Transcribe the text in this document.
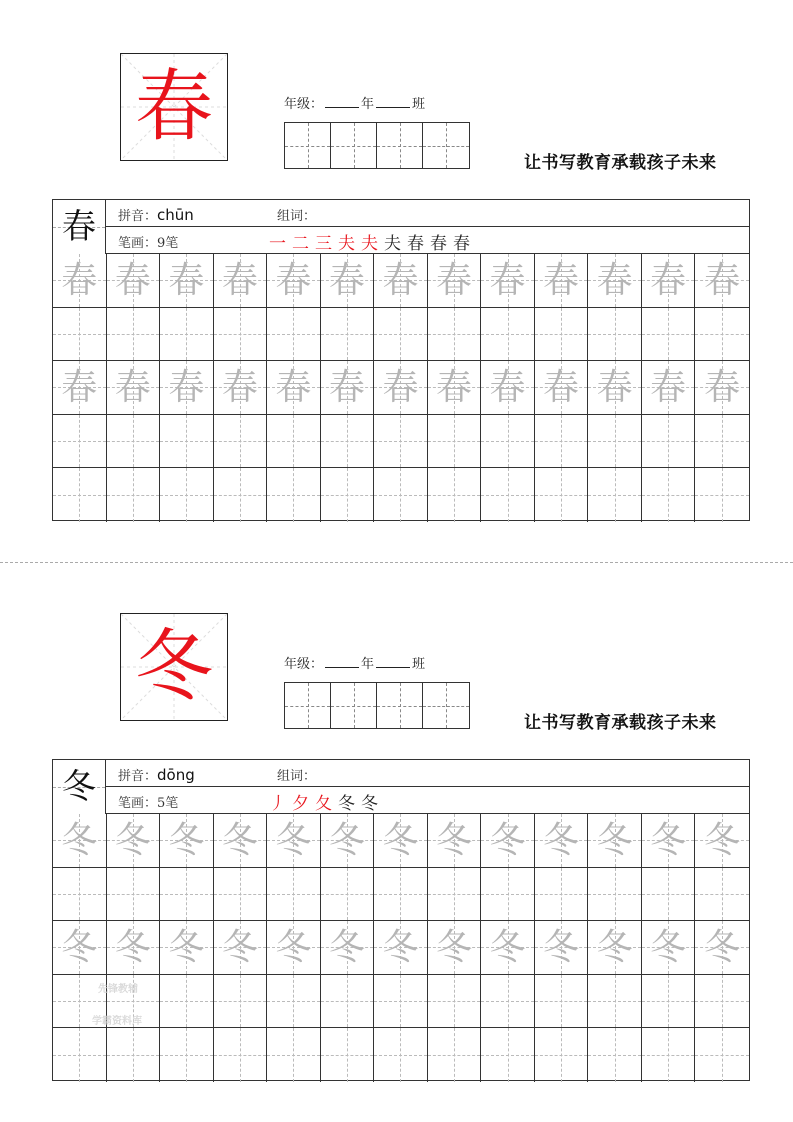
春	年级：	年	班
让书写教育承载孩子未来
春	拼音：chūn	组词：
笔画：9笔	一 二 三 夫 夫 夫 春 春 春
春 春 春 春 春 春 春 春 春 春 春 春 春
春 春 春 春 春 春 春 春 春 春 春 春 春
冬	年级：	年	班
让书写教育承载孩子未来
冬	拼音：dōng	组词：
笔画：5笔	丿 夕 夂 冬 冬
冬 冬 冬 冬 冬 冬 冬 冬 冬 冬 冬 冬 冬
冬 冬 冬 冬 冬 冬 冬 冬 冬 冬 冬 冬 冬
先锋教辅
学霸资料库
